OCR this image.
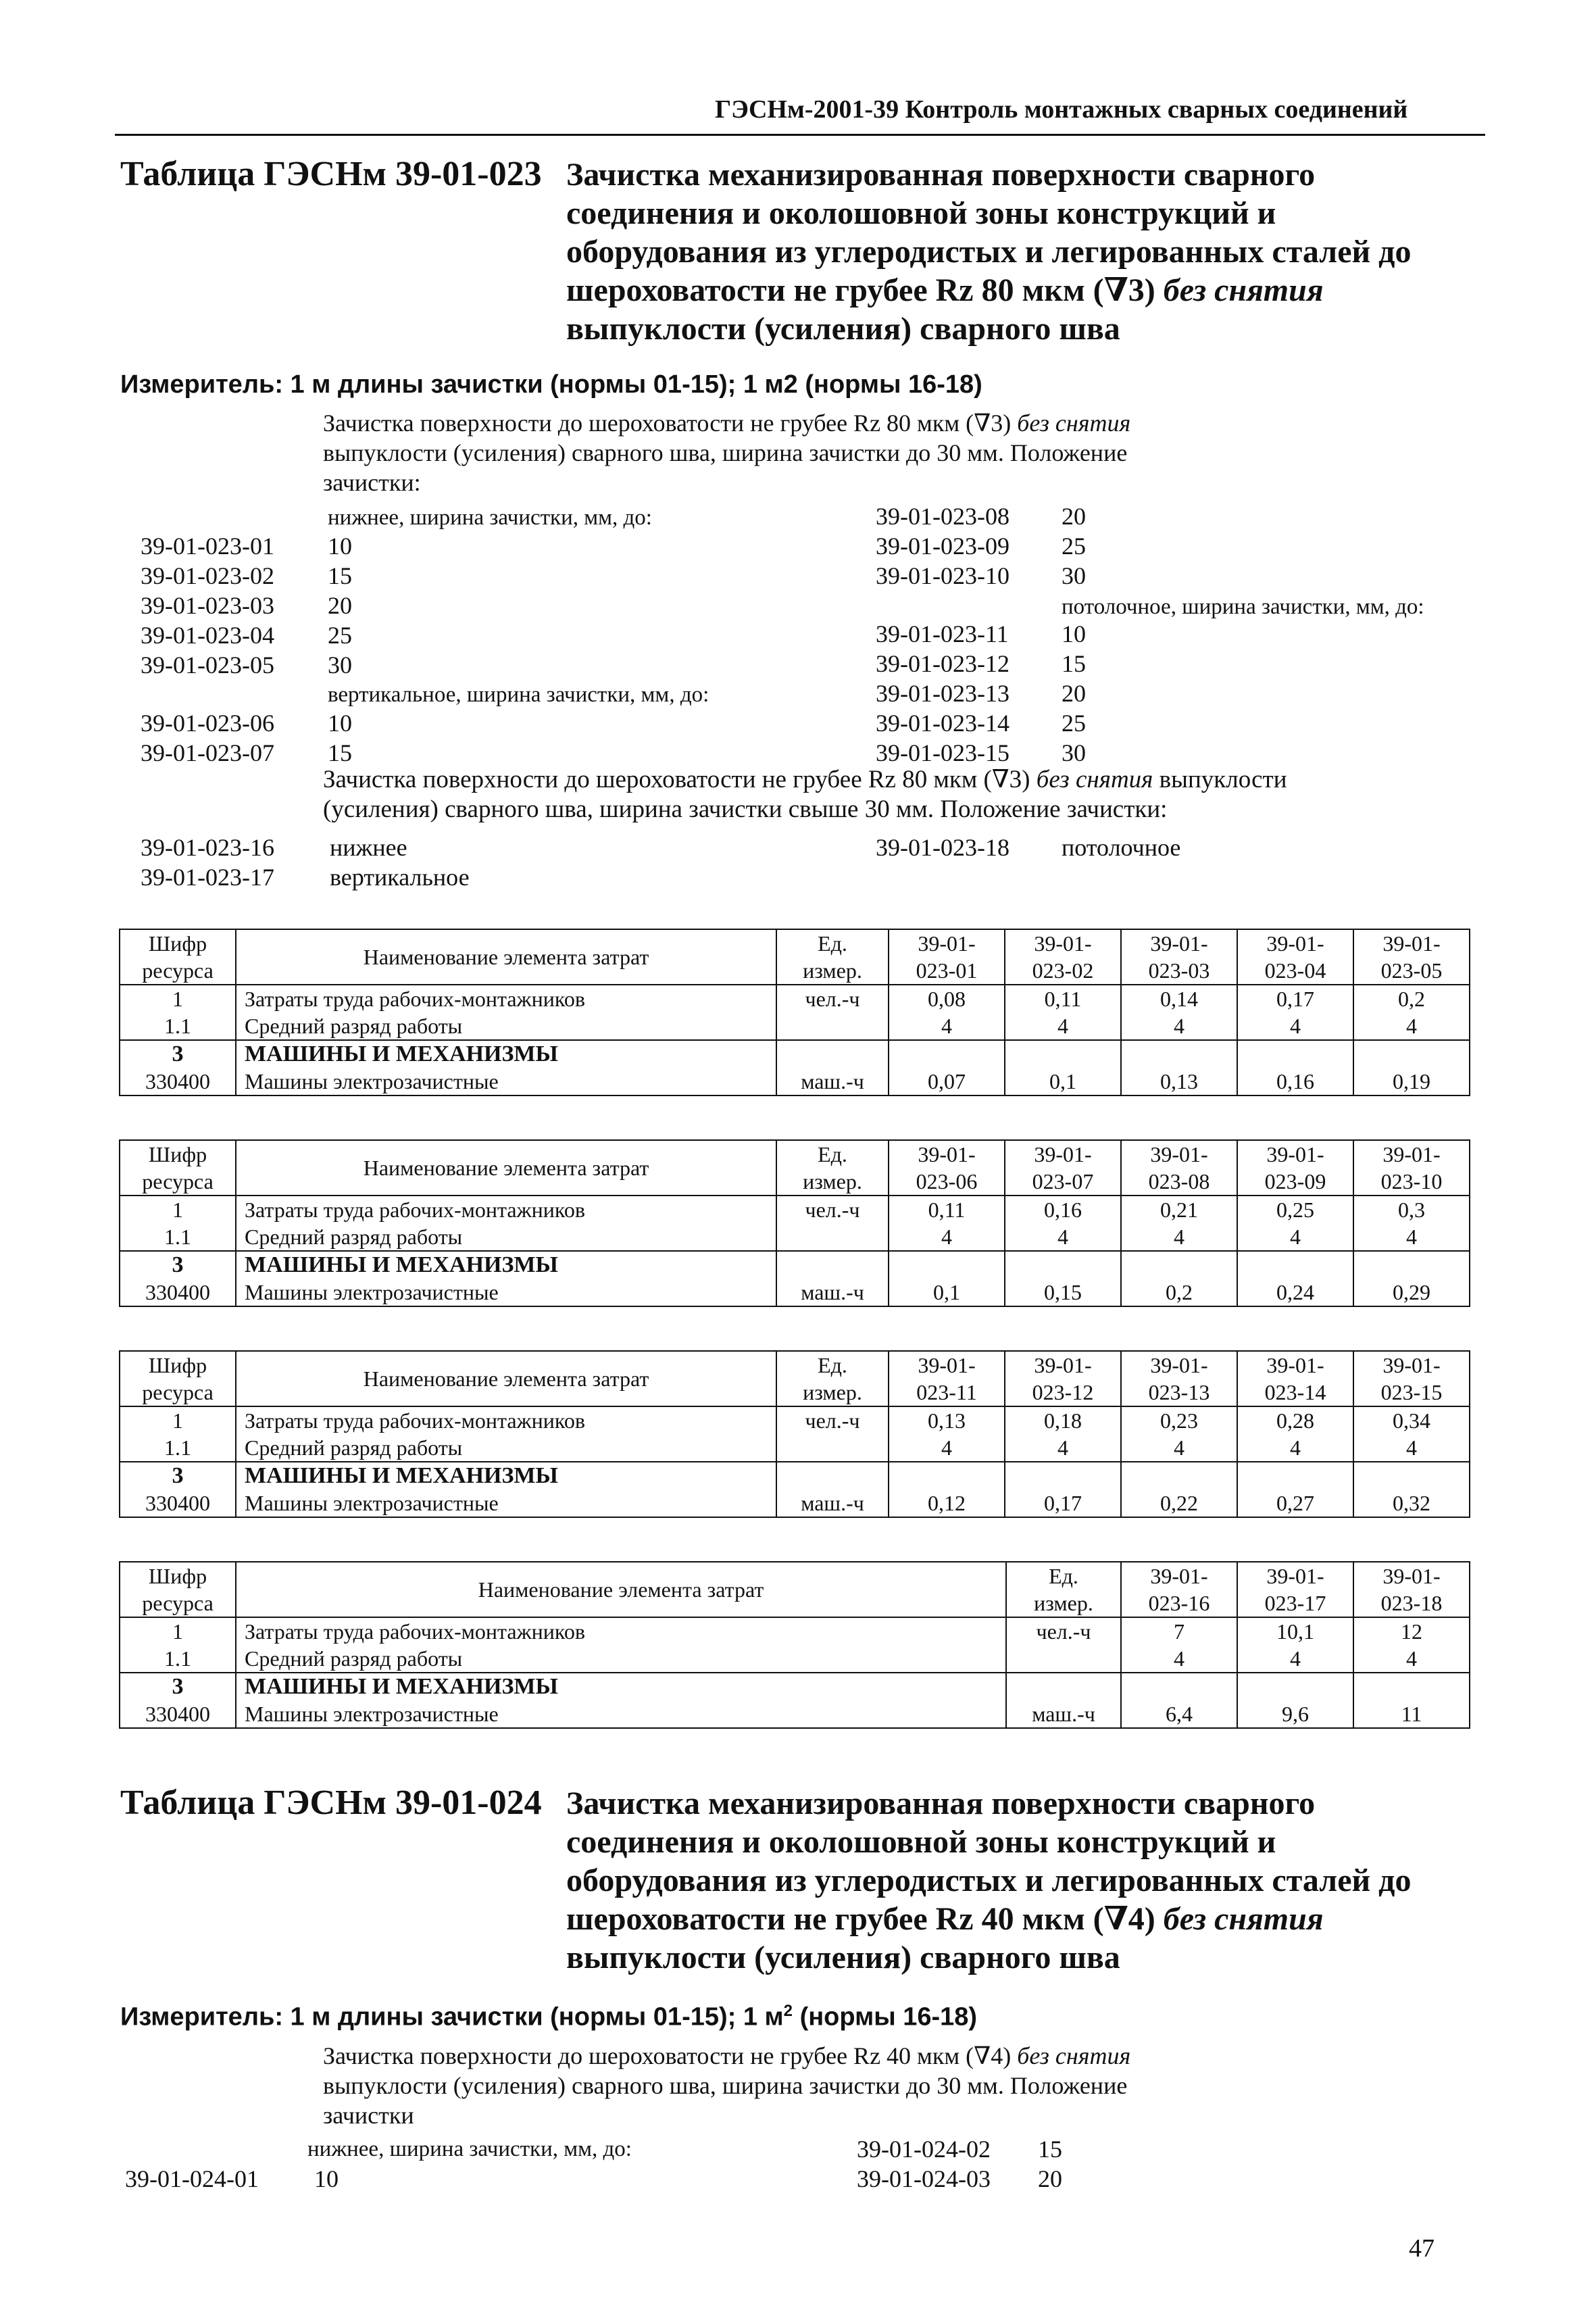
ГЭСНм-2001-39 Контроль монтажных сварных соединений
Таблица ГЭСНм 39-01-023 Зачистка механизированная поверхности сварного
соединения и околошовной зоны конструкций и
оборудования из углеродистых и легированных сталей до
шероховатости не грубее Rz 80 мкм (∇3) без снятия
выпуклости (усиления) сварного шва
Измеритель: 1 м длины зачистки (нормы 01-15); 1 м2 (нормы 16-18)
Зачистка поверхности до шероховатости не грубее Rz 80 мкм (∇3) без снятия
выпуклости (усиления) сварного шва, ширина зачистки до 30 мм. Положение
зачистки:
нижнее, ширина зачистки, мм, до:
39-01-023-01 10
39-01-023-02 15
39-01-023-03 20
39-01-023-04 25
39-01-023-05 30
вертикальное, ширина зачистки, мм, до:
39-01-023-06 10
39-01-023-07 15
39-01-023-08 20
39-01-023-09 25
39-01-023-10 30
потолочное, ширина зачистки, мм, до:
39-01-023-11 10
39-01-023-12 15
39-01-023-13 20
39-01-023-14 25
39-01-023-15 30
Зачистка поверхности до шероховатости не грубее Rz 80 мкм (∇3) без снятия выпуклости
(усиления) сварного шва, ширина зачистки свыше 30 мм. Положение зачистки:
39-01-023-16 нижнее
39-01-023-17 вертикальное
39-01-023-18 потолочное
Шифр	Наименование элемента затрат	Ед.	39-01-	39-01-	39-01-	39-01-	39-01-
ресурса		измер.	023-01	023-02	023-03	023-04	023-05
1	Затраты труда рабочих-монтажников	чел.-ч	0,08	0,11	0,14	0,17	0,2
1.1	Средний разряд работы		4	4	4	4	4
3	МАШИНЫ И МЕХАНИЗМЫ						
330400	Машины электрозачистные	маш.-ч	0,07	0,1	0,13	0,16	0,19
Шифр	Наименование элемента затрат	Ед.	39-01-	39-01-	39-01-	39-01-	39-01-
ресурса		измер.	023-06	023-07	023-08	023-09	023-10
1	Затраты труда рабочих-монтажников	чел.-ч	0,11	0,16	0,21	0,25	0,3
1.1	Средний разряд работы		4	4	4	4	4
3	МАШИНЫ И МЕХАНИЗМЫ						
330400	Машины электрозачистные	маш.-ч	0,1	0,15	0,2	0,24	0,29
Шифр	Наименование элемента затрат	Ед.	39-01-	39-01-	39-01-	39-01-	39-01-
ресурса		измер.	023-11	023-12	023-13	023-14	023-15
1	Затраты труда рабочих-монтажников	чел.-ч	0,13	0,18	0,23	0,28	0,34
1.1	Средний разряд работы		4	4	4	4	4
3	МАШИНЫ И МЕХАНИЗМЫ						
330400	Машины электрозачистные	маш.-ч	0,12	0,17	0,22	0,27	0,32
Шифр	Наименование элемента затрат	Ед.	39-01-	39-01-	39-01-
ресурса		измер.	023-16	023-17	023-18
1	Затраты труда рабочих-монтажников	чел.-ч	7	10,1	12
1.1	Средний разряд работы		4	4	4
3	МАШИНЫ И МЕХАНИЗМЫ				
330400	Машины электрозачистные	маш.-ч	6,4	9,6	11
Таблица ГЭСНм 39-01-024 Зачистка механизированная поверхности сварного
соединения и околошовной зоны конструкций и
оборудования из углеродистых и легированных сталей до
шероховатости не грубее Rz 40 мкм (∇4) без снятия
выпуклости (усиления) сварного шва
Измеритель: 1 м длины зачистки (нормы 01-15); 1 $м^2$ (нормы 16-18)
Зачистка поверхности до шероховатости не грубее Rz 40 мкм (∇4) без снятия
выпуклости (усиления) сварного шва, ширина зачистки до 30 мм. Положение
зачистки
нижнее, ширина зачистки, мм, до:
39-01-024-01 10
39-01-024-02 15
39-01-024-03 20
47
